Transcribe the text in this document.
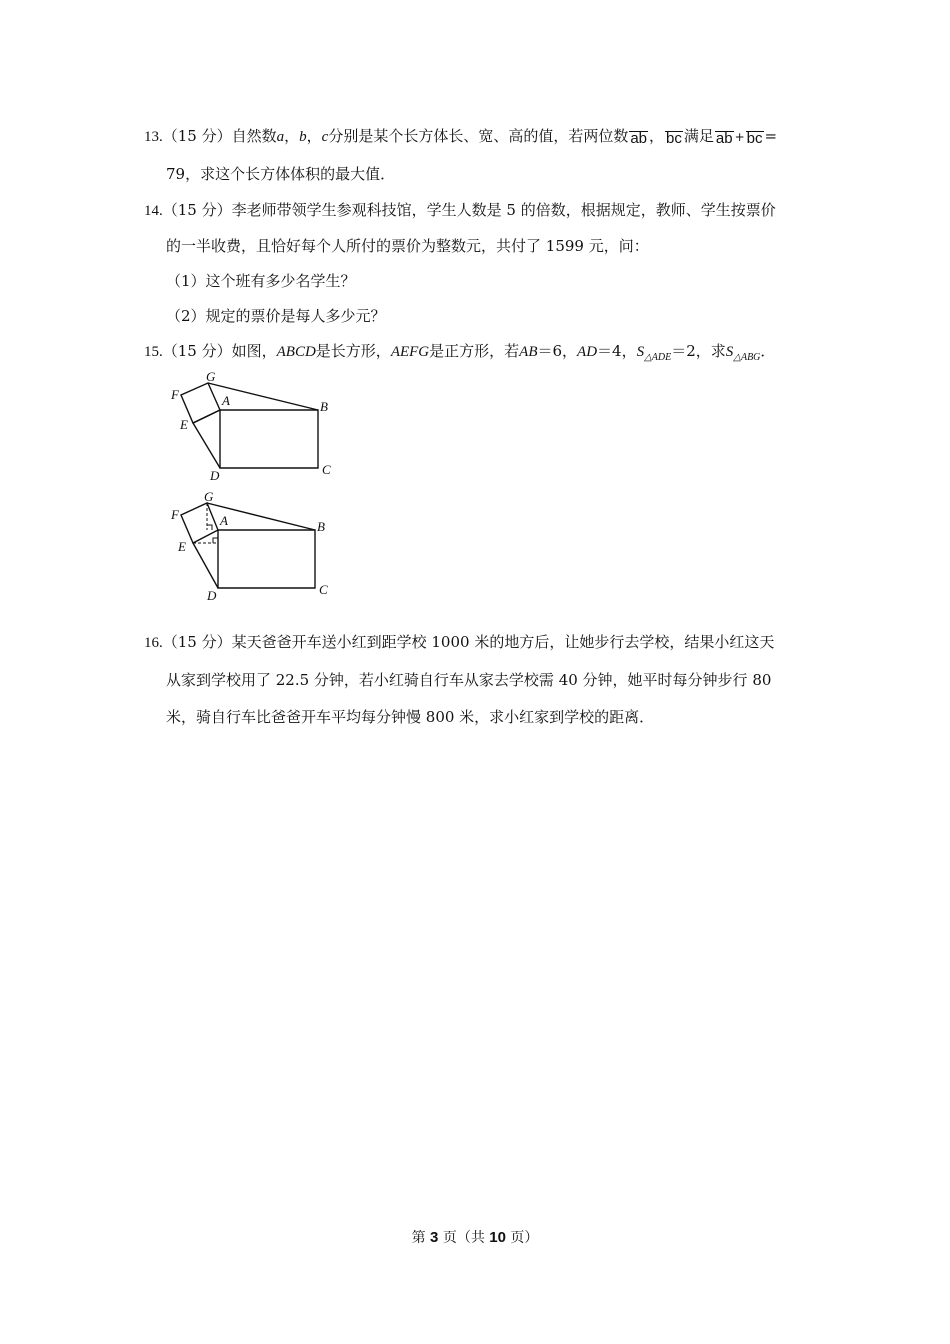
13.（15 分）自然数a，b，c分别是某个长方体长、宽、高的值，若两位数 ab ， bc 满足 ab + bc =
79，求这个长方体体积的最大值．
14.（15 分）李老师带领学生参观科技馆，学生人数是 5 的倍数，根据规定，教师、学生按票价
的一半收费，且恰好每个人所付的票价为整数元，共付了 1599 元，问：
（1）这个班有多少名学生？
（2）规定的票价是每人多少元？
15.（15 分）如图，ABCD是长方形，AEFG是正方形，若AB＝6，AD＝4，$S_{\triangle ADE}=2$，求$S_{\triangle ABG}$．
F
G
A	B
E
D	C
F
G
A	B
E
D	C
16.（15 分）某天爸爸开车送小红到距学校 1000 米的地方后，让她步行去学校，结果小红这天
从家到学校用了 22.5 分钟，若小红骑自行车从家去学校需 40 分钟，她平时每分钟步行 80
米，骑自行车比爸爸开车平均每分钟慢 800 米，求小红家到学校的距离．
第 3 页（共 10 页）
